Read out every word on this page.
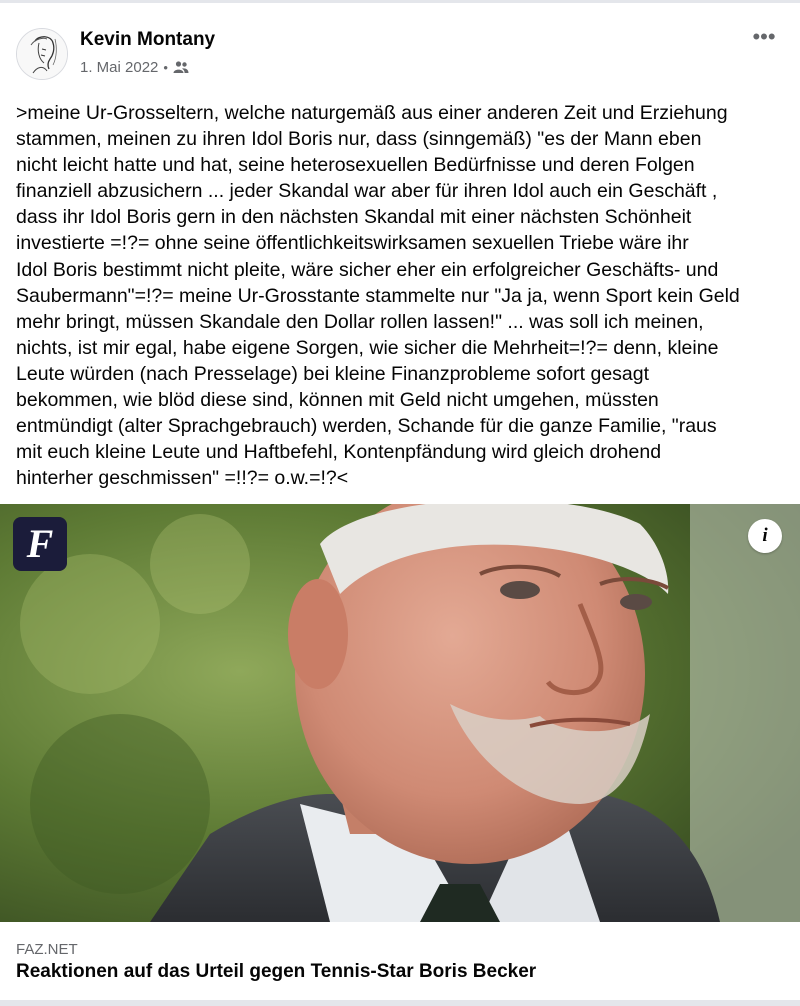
Kevin Montany
1. Mai 2022 •
•••
>meine Ur-Grosseltern, welche naturgemäß aus einer anderen Zeit und Erziehung
stammen, meinen zu ihren Idol Boris nur, dass (sinngemäß) "es der Mann eben
nicht leicht hatte und hat, seine heterosexuellen Bedürfnisse und deren Folgen
finanziell abzusichern ... jeder Skandal war aber für ihren Idol auch ein Geschäft ,
dass ihr Idol Boris gern in den nächsten Skandal mit einer nächsten Schönheit
investierte =!?= ohne seine öffentlichkeitswirksamen sexuellen Triebe wäre ihr
Idol Boris bestimmt nicht pleite, wäre sicher eher ein erfolgreicher Geschäfts- und
Saubermann"=!?= meine Ur-Grosstante stammelte nur "Ja ja, wenn Sport kein Geld
mehr bringt, müssen Skandale den Dollar rollen lassen!" ... was soll ich meinen,
nichts, ist mir egal, habe eigene Sorgen, wie sicher die Mehrheit=!?= denn, kleine
Leute würden (nach Presselage) bei kleine Finanzprobleme sofort gesagt
bekommen, wie blöd diese sind, können mit Geld nicht umgehen, müssten
entmündigt (alter Sprachgebrauch) werden, Schande für die ganze Familie, "raus
mit euch kleine Leute und Haftbefehl, Kontenpfändung wird gleich drohend
hinterher geschmissen" =!!?= o.w.=!?<
F	i
FAZ.NET
Reaktionen auf das Urteil gegen Tennis-Star Boris Becker
